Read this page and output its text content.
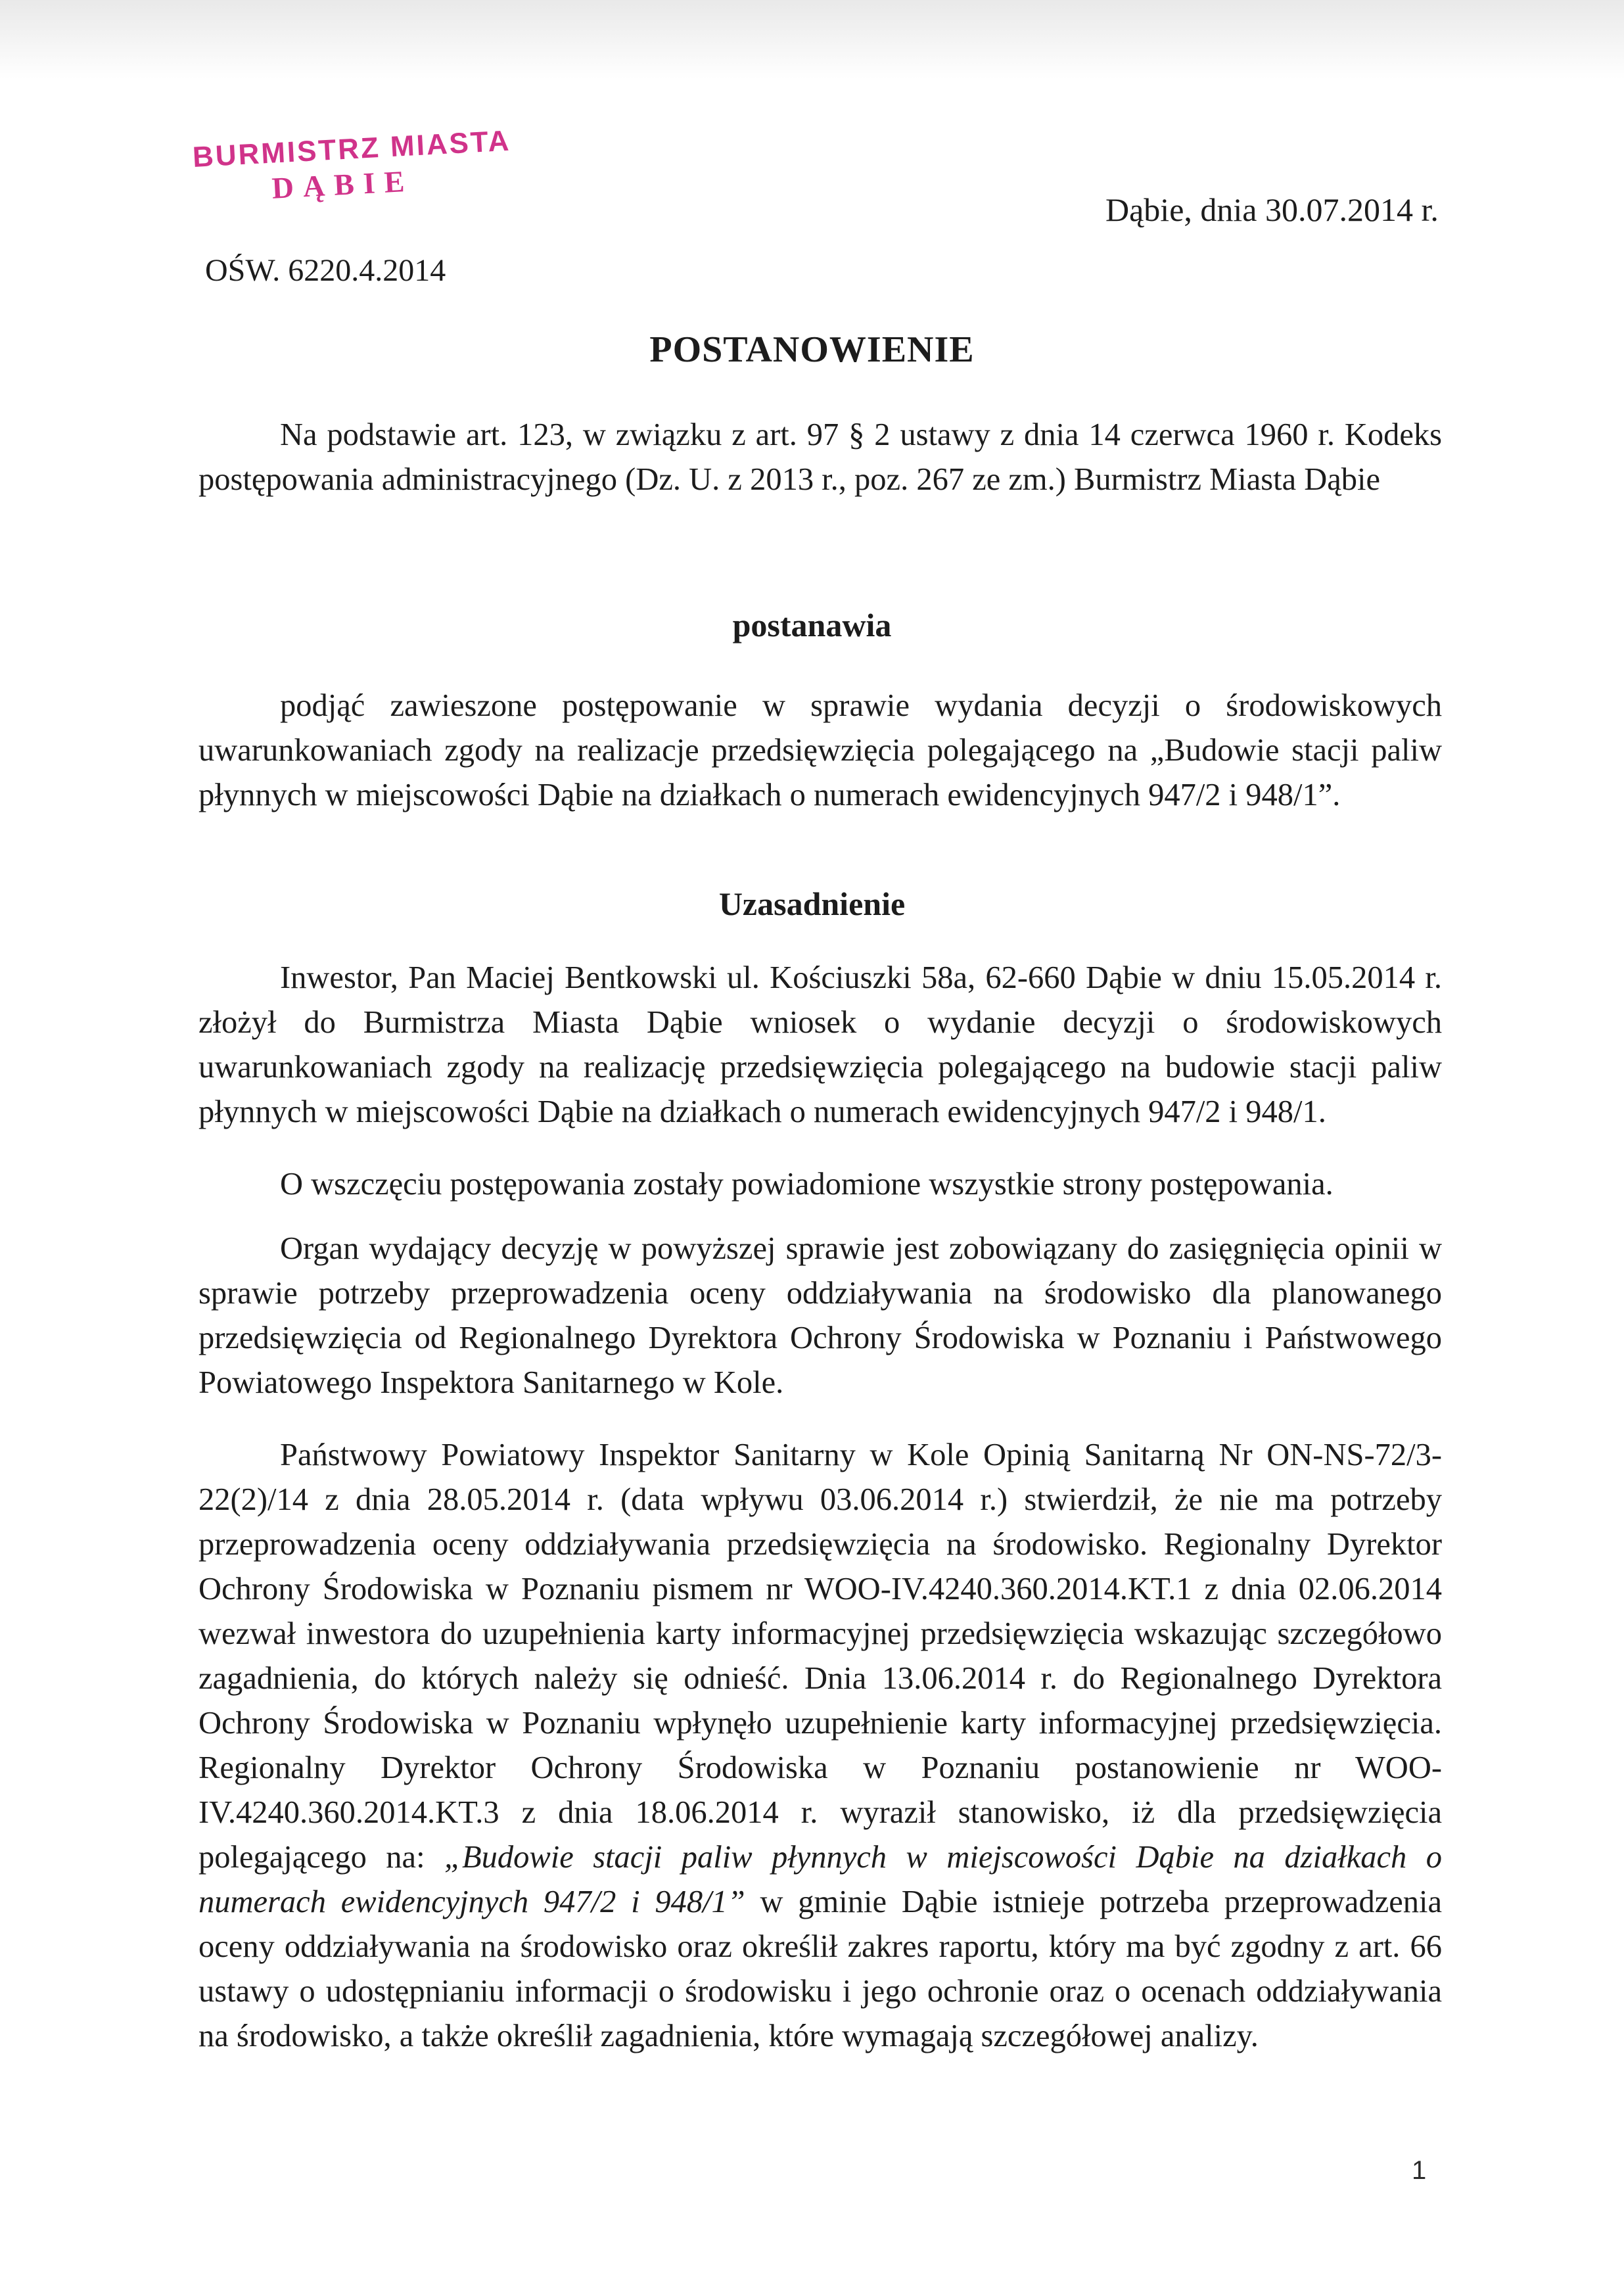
BURMISTRZ MIASTA
DĄBIE
Dąbie, dnia 30.07.2014 r.
OŚW. 6220.4.2014
POSTANOWIENIE
Na podstawie art. 123, w związku z art. 97 § 2 ustawy z dnia 14 czerwca 1960 r. Kodeks postępowania administracyjnego (Dz. U. z 2013 r., poz. 267 ze zm.) Burmistrz Miasta Dąbie
postanawia
podjąć zawieszone postępowanie w sprawie wydania decyzji o środowiskowych uwarunkowaniach zgody na realizacje przedsięwzięcia polegającego na „Budowie stacji paliw płynnych w miejscowości Dąbie na działkach o numerach ewidencyjnych 947/2 i 948/1”.
Uzasadnienie
Inwestor, Pan Maciej Bentkowski ul. Kościuszki 58a, 62-660 Dąbie w dniu 15.05.2014 r. złożył do Burmistrza Miasta Dąbie wniosek o wydanie decyzji o środowiskowych uwarunkowaniach zgody na realizację przedsięwzięcia polegającego na budowie stacji paliw płynnych w miejscowości Dąbie na działkach o numerach ewidencyjnych 947/2 i 948/1.
O wszczęciu postępowania zostały powiadomione wszystkie strony postępowania.
Organ wydający decyzję w powyższej sprawie jest zobowiązany do zasięgnięcia opinii w sprawie potrzeby przeprowadzenia oceny oddziaływania na środowisko dla planowanego przedsięwzięcia od Regionalnego Dyrektora Ochrony Środowiska w Poznaniu i Państwowego Powiatowego Inspektora Sanitarnego w Kole.
Państwowy Powiatowy Inspektor Sanitarny w Kole Opinią Sanitarną Nr ON-NS-72/3-22(2)/14 z dnia 28.05.2014 r. (data wpływu 03.06.2014 r.) stwierdził, że nie ma potrzeby przeprowadzenia oceny oddziaływania przedsięwzięcia na środowisko. Regionalny Dyrektor Ochrony Środowiska w Poznaniu pismem nr WOO-IV.4240.360.2014.KT.1 z dnia 02.06.2014 wezwał inwestora do uzupełnienia karty informacyjnej przedsięwzięcia wskazując szczegółowo zagadnienia, do których należy się odnieść. Dnia 13.06.2014 r. do Regionalnego Dyrektora Ochrony Środowiska w Poznaniu wpłynęło uzupełnienie karty informacyjnej przedsięwzięcia. Regionalny Dyrektor Ochrony Środowiska w Poznaniu postanowienie nr WOO-IV.4240.360.2014.KT.3 z dnia 18.06.2014 r. wyraził stanowisko, iż dla przedsięwzięcia polegającego na: „Budowie stacji paliw płynnych w miejscowości Dąbie na działkach o numerach ewidencyjnych 947/2 i 948/1” w gminie Dąbie istnieje potrzeba przeprowadzenia oceny oddziaływania na środowisko oraz określił zakres raportu, który ma być zgodny z art. 66 ustawy o udostępnianiu informacji o środowisku i jego ochronie oraz o ocenach oddziaływania na środowisko, a także określił zagadnienia, które wymagają szczegółowej analizy.
1
